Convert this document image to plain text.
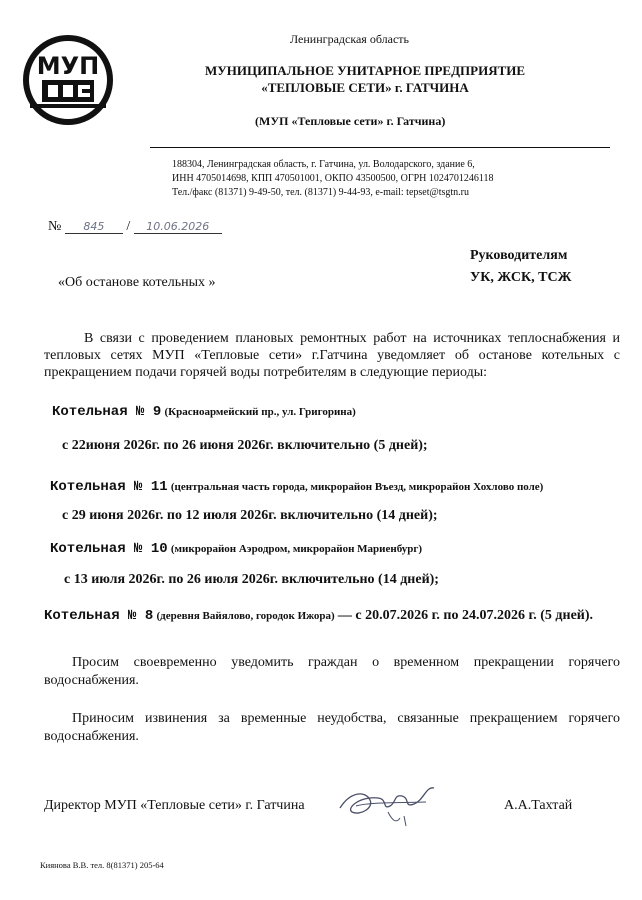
МУП
Ленинградская область
МУНИЦИПАЛЬНОЕ УНИТАРНОЕ ПРЕДПРИЯТИЕ
«ТЕПЛОВЫЕ СЕТИ» г. ГАТЧИНА
(МУП «Тепловые сети» г. Гатчина)
188304, Ленинградская область, г. Гатчина, ул. Володарского, здание 6,
ИНН 4705014698, КПП 470501001, ОКПО 43500500, ОГРН 1024701246118
Тел./факс (81371) 9-49-50, тел. (81371) 9-44-93, e-mail: tepset@tsgtn.ru
№ 845 / 10.06.2026
Руководителям
УК, ЖСК, ТСЖ
«Об останове котельных »
В связи с проведением плановых ремонтных работ на источниках теплоснабжения и тепловых сетях МУП «Тепловые сети» г.Гатчина уведомляет об останове котельных с прекращением подачи горячей воды потребителям в следующие периоды:
Котельная № 9 (Красноармейский пр., ул. Григорина)
с 22июня 2026г. по 26 июня 2026г. включительно (5 дней);
Котельная № 11 (центральная часть города, микрорайон Въезд, микрорайон Хохлово поле)
с 29 июня 2026г. по 12 июля 2026г. включительно (14 дней);
Котельная № 10 (микрорайон Аэродром, микрорайон Мариенбург)
с 13 июля 2026г. по 26 июля 2026г. включительно (14 дней);
Котельная № 8 (деревня Вайялово, городок Ижора) — с 20.07.2026 г. по 24.07.2026 г. (5 дней).
Просим своевременно уведомить граждан о временном прекращении горячего водоснабжения.
Приносим извинения за временные неудобства, связанные прекращением горячего водоснабжения.
Директор МУП «Тепловые сети» г. Гатчина	А.А.Тахтай
Киянова В.В. тел. 8(81371) 205-64
